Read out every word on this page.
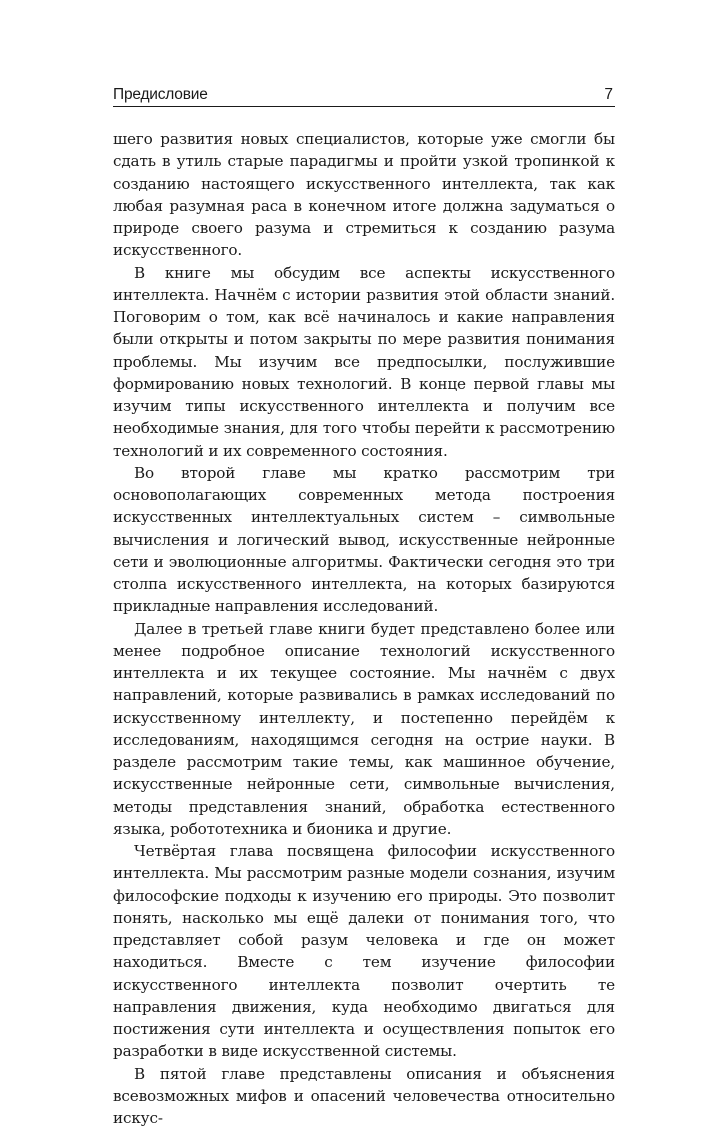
Предисловие	7

шего развития новых специалистов, которые уже смогли бы сдать в утиль старые парадигмы и пройти узкой тропинкой к созданию настоящего искусственного интеллекта, так как любая разумная раса в конечном итоге должна задуматься о природе своего разума и стремиться к созданию разума искусственного.

В книге мы обсудим все аспекты искусственного интеллекта. Начнём с истории развития этой области знаний. Поговорим о том, как всё начиналось и какие направления были открыты и потом закрыты по мере развития понимания проблемы. Мы изучим все предпосылки, послужившие формированию новых технологий. В конце первой главы мы изучим типы искусственного интеллекта и получим все необходимые знания, для того чтобы перейти к рассмотрению технологий и их современного состояния.

Во второй главе мы кратко рассмотрим три основополагающих современных метода построения искусственных интеллектуальных систем – символьные вычисления и логический вывод, искусственные нейронные сети и эволюционные алгоритмы. Фактически сегодня это три столпа искусственного интеллекта, на которых базируются прикладные направления исследований.

Далее в третьей главе книги будет представлено более или менее подробное описание технологий искусственного интеллекта и их текущее состояние. Мы начнём с двух направлений, которые развивались в рамках исследований по искусственному интеллекту, и постепенно перейдём к исследованиям, находящимся сегодня на острие науки. В разделе рассмотрим такие темы, как машинное обучение, искусственные нейронные сети, символьные вычисления, методы представления знаний, обработка естественного языка, робототехника и бионика и другие.

Четвёртая глава посвящена философии искусственного интеллекта. Мы рассмотрим разные модели сознания, изучим философские подходы к изучению его природы. Это позволит понять, насколько мы ещё далеки от понимания того, что представляет собой разум человека и где он может находиться. Вместе с тем изучение философии искусственного интеллекта позволит очертить те направления движения, куда необходимо двигаться для постижения сути интеллекта и осуществления попыток его разработки в виде искусственной системы.

В пятой главе представлены описания и объяснения всевозможных мифов и опасений человечества относительно искус-
